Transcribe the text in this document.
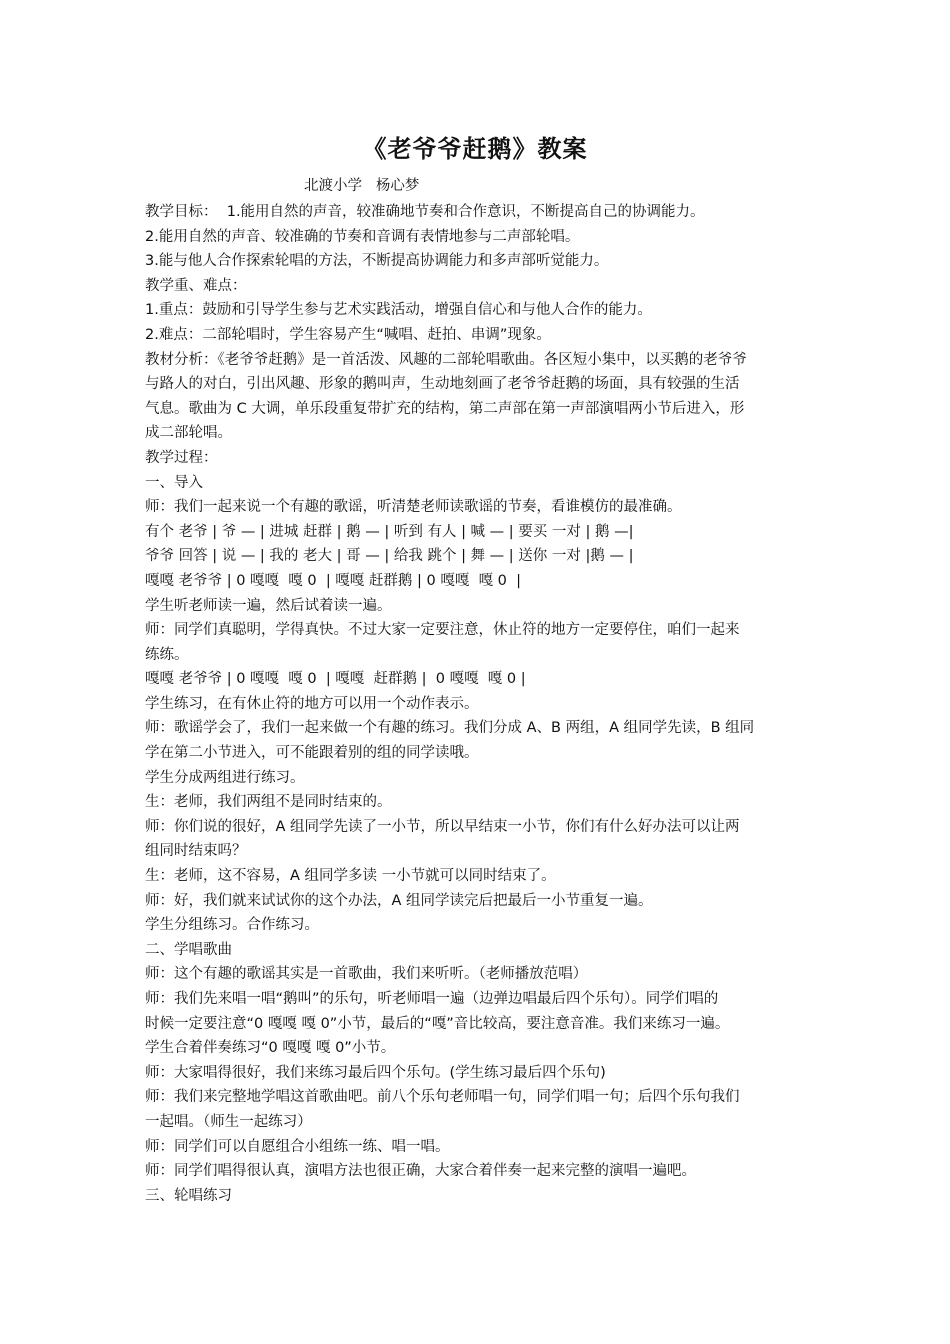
《老爷爷赶鹅》教案
北渡小学   杨心梦
教学目标：  1.能用自然的声音，较准确地节奏和合作意识，不断提高自己的协调能力。
2.能用自然的声音、较准确的节奏和音调有表情地参与二声部轮唱。
3.能与他人合作探索轮唱的方法，不断提高协调能力和多声部听觉能力。
教学重、难点：
1.重点：鼓励和引导学生参与艺术实践活动，增强自信心和与他人合作的能力。
2.难点：二部轮唱时，学生容易产生“喊唱、赶拍、串调”现象。
教材分析：《老爷爷赶鹅》是一首活泼、风趣的二部轮唱歌曲。各区短小集中，以买鹅的老爷爷
与路人的对白，引出风趣、形象的鹅叫声，生动地刻画了老爷爷赶鹅的场面，具有较强的生活
气息。歌曲为 C 大调，单乐段重复带扩充的结构，第二声部在第一声部演唱两小节后进入，形
成二部轮唱。
教学过程：
一、导入
师：我们一起来说一个有趣的歌谣，听清楚老师读歌谣的节奏，看谁模仿的最准确。
有个 老爷 | 爷 — | 进城 赶群 | 鹅 — | 听到 有人 | 喊 — | 要买 一对 | 鹅 —|
爷爷 回答 | 说 — | 我的 老大 | 哥 — | 给我 跳个 | 舞 — | 送你 一对 |鹅 — |
嘎嘎 老爷爷 | 0 嘎嘎  嘎 0  | 嘎嘎 赶群鹅 | 0 嘎嘎  嘎 0  |
学生听老师读一遍，然后试着读一遍。
师：同学们真聪明，学得真快。不过大家一定要注意，休止符的地方一定要停住，咱们一起来
练练。
嘎嘎 老爷爷 | 0 嘎嘎  嘎 0  | 嘎嘎  赶群鹅 |  0 嘎嘎  嘎 0 |
学生练习，在有休止符的地方可以用一个动作表示。
师：歌谣学会了，我们一起来做一个有趣的练习。我们分成 A、B 两组，A 组同学先读，B 组同
学在第二小节进入，可不能跟着别的组的同学读哦。
学生分成两组进行练习。
生：老师，我们两组不是同时结束的。
师：你们说的很好，A 组同学先读了一小节，所以早结束一小节，你们有什么好办法可以让两
组同时结束吗？
生：老师，这不容易，A 组同学多读 一小节就可以同时结束了。
师：好，我们就来试试你的这个办法，A 组同学读完后把最后一小节重复一遍。
学生分组练习。合作练习。
二、学唱歌曲
师：这个有趣的歌谣其实是一首歌曲，我们来听听。（老师播放范唱）
师：我们先来唱一唱“鹅叫”的乐句，听老师唱一遍（边弹边唱最后四个乐句）。同学们唱的
时候一定要注意“0 嘎嘎 嘎 0”小节，最后的“嘎”音比较高，要注意音准。我们来练习一遍。
学生合着伴奏练习“0 嘎嘎 嘎 0”小节。
师：大家唱得很好，我们来练习最后四个乐句。(学生练习最后四个乐句)
师：我们来完整地学唱这首歌曲吧。前八个乐句老师唱一句，同学们唱一句；后四个乐句我们
一起唱。（师生一起练习）
师：同学们可以自愿组合小组练一练、唱一唱。
师：同学们唱得很认真，演唱方法也很正确，大家合着伴奏一起来完整的演唱一遍吧。
三、轮唱练习
